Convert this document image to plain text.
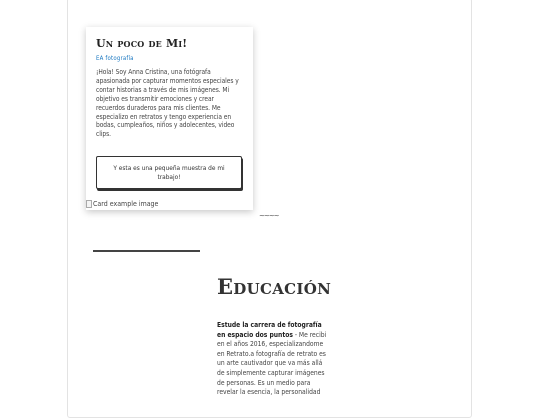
Un poco de Mi!

EA fotografía

¡Hola! Soy Anna Cristina, una fotógrafa apasionada por capturar momentos especiales y contar historias a través de mis imágenes. Mi objetivo es transmitir emociones y crear recuerdos duraderos para mis clientes. Me especializo en retratos y tengo experiencia en bodas, cumpleaños, niños y adolecentes, video clips.

Y esta es una pequeña muestra de mi trabajo!
Card example image
~~~~
Educación
Estude la carrera de fotografía en espacio dos puntos - Me recibi en el años 2016, especializandome en Retrato.a fotografía de retrato es un arte cautivador que va más allá de simplemente capturar imágenes de personas. Es un medio para revelar la esencia, la personalidad
